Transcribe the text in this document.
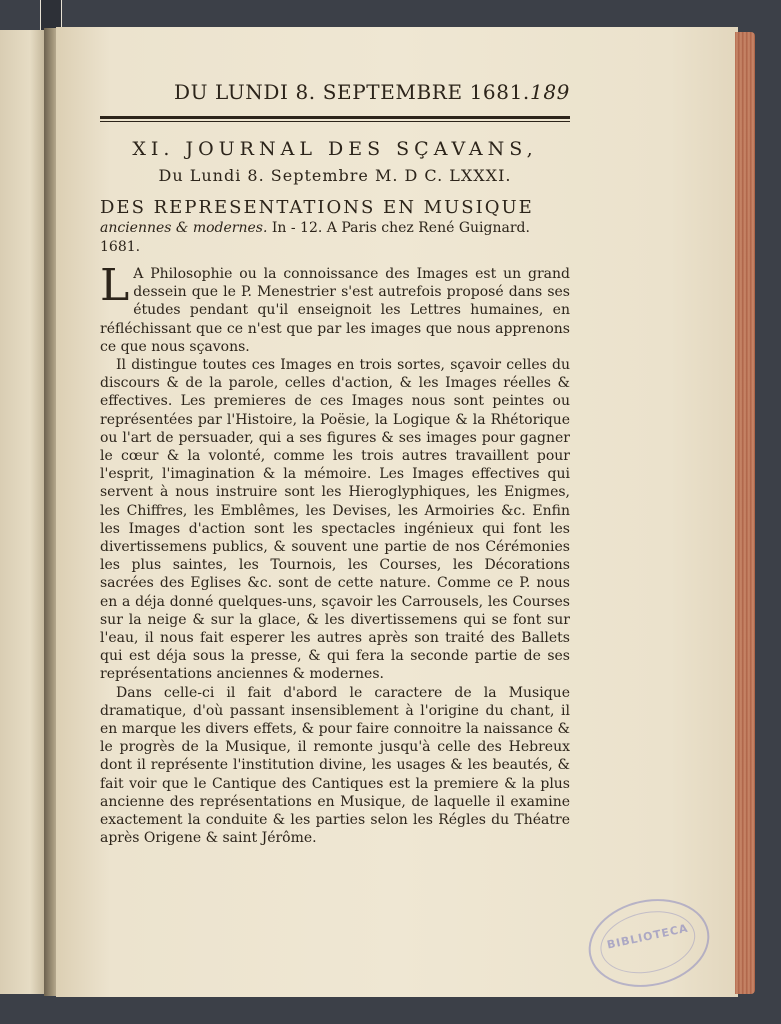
DU LUNDI 8. SEPTEMBRE 1681. 189
XI. JOURNAL DES SÇAVANS,
Du Lundi 8. Septembre M. D C. LXXXI.
DES REPRESENTATIONS EN MUSIQUE
anciennes & modernes. In - 12. A Paris chez René Guignard. 1681.

L A Philosophie ou la connoissance des Images est un grand dessein que le P. Menestrier s'est autrefois proposé dans ses études pendant qu'il enseignoit les Lettres humaines, en réfléchissant que ce n'est que par les images que nous apprenons ce que nous sçavons.

Il distingue toutes ces Images en trois sortes, sçavoir celles du discours & de la parole, celles d'action, & les Images réelles & effectives. Les premieres de ces Images nous sont peintes ou représentées par l'Histoire, la Poësie, la Logique & la Rhétorique ou l'art de persuader, qui a ses figures & ses images pour gagner le cœur & la volonté, comme les trois autres travaillent pour l'esprit, l'imagination & la mémoire. Les Images effectives qui servent à nous instruire sont les Hieroglyphiques, les Enigmes, les Chiffres, les Emblêmes, les Devises, les Armoiries &c. Enfin les Images d'action sont les spectacles ingénieux qui font les divertissemens publics, & souvent une partie de nos Cérémonies les plus saintes, les Tournois, les Courses, les Décorations sacrées des Eglises &c. sont de cette nature. Comme ce P. nous en a déja donné quelques-uns, sçavoir les Carrousels, les Courses sur la neige & sur la glace, & les divertissemens qui se font sur l'eau, il nous fait esperer les autres après son traité des Ballets qui est déja sous la presse, & qui fera la seconde partie de ses représentations anciennes & modernes.

Dans celle-ci il fait d'abord le caractere de la Musique dramatique, d'où passant insensiblement à l'origine du chant, il en marque les divers effets, & pour faire connoitre la naissance & le progrès de la Musique, il remonte jusqu'à celle des Hebreux dont il représente l'institution divine, les usages & les beautés, & fait voir que le Cantique des Cantiques est la premiere & la plus ancienne des représentations en Musique, de laquelle il examine exactement la conduite & les parties selon les Régles du Théatre après Origene & saint Jérôme.

BIBLIOTECA
